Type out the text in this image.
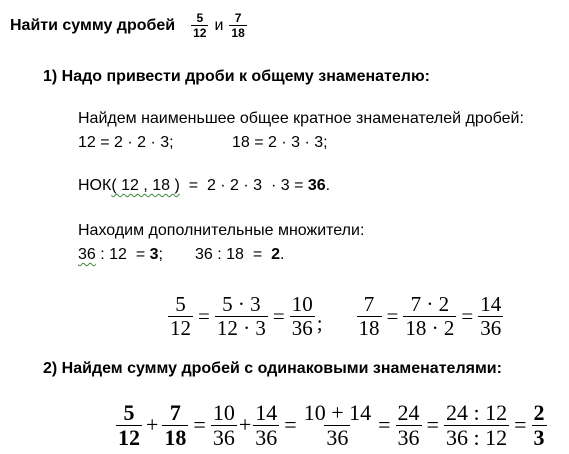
Найти сумму дробей $\frac{5}{12}$ и $\frac{7}{18}$
1) Надо привести дроби к общему знаменателю:
Найдем наименьшее общее кратное знаменателей дробей:
12 = 2 · 2 · 3;	18 = 2 · 3 · 3;
НОК( 12 , 18 )  =  2 · 2 · 3  · 3 = 36.
Находим дополнительные множители:
36 : 12  = 3; 36 : 18  =  2.
$\frac{5}{12} = \frac{5 \cdot 3}{12 \cdot 3} = \frac{10}{36}$ ; $\frac{7}{18} = \frac{7 \cdot 2}{18 \cdot 2} = \frac{14}{36}$
2) Найдем сумму дробей с одинаковыми знаменателями:
$\frac{5}{12} + \frac{7}{18} = \frac{10}{36} + \frac{14}{36} = \frac{10 + 14}{36} = \frac{24}{36} = \frac{24 : 12}{36 : 12} = \frac{2}{3}$
